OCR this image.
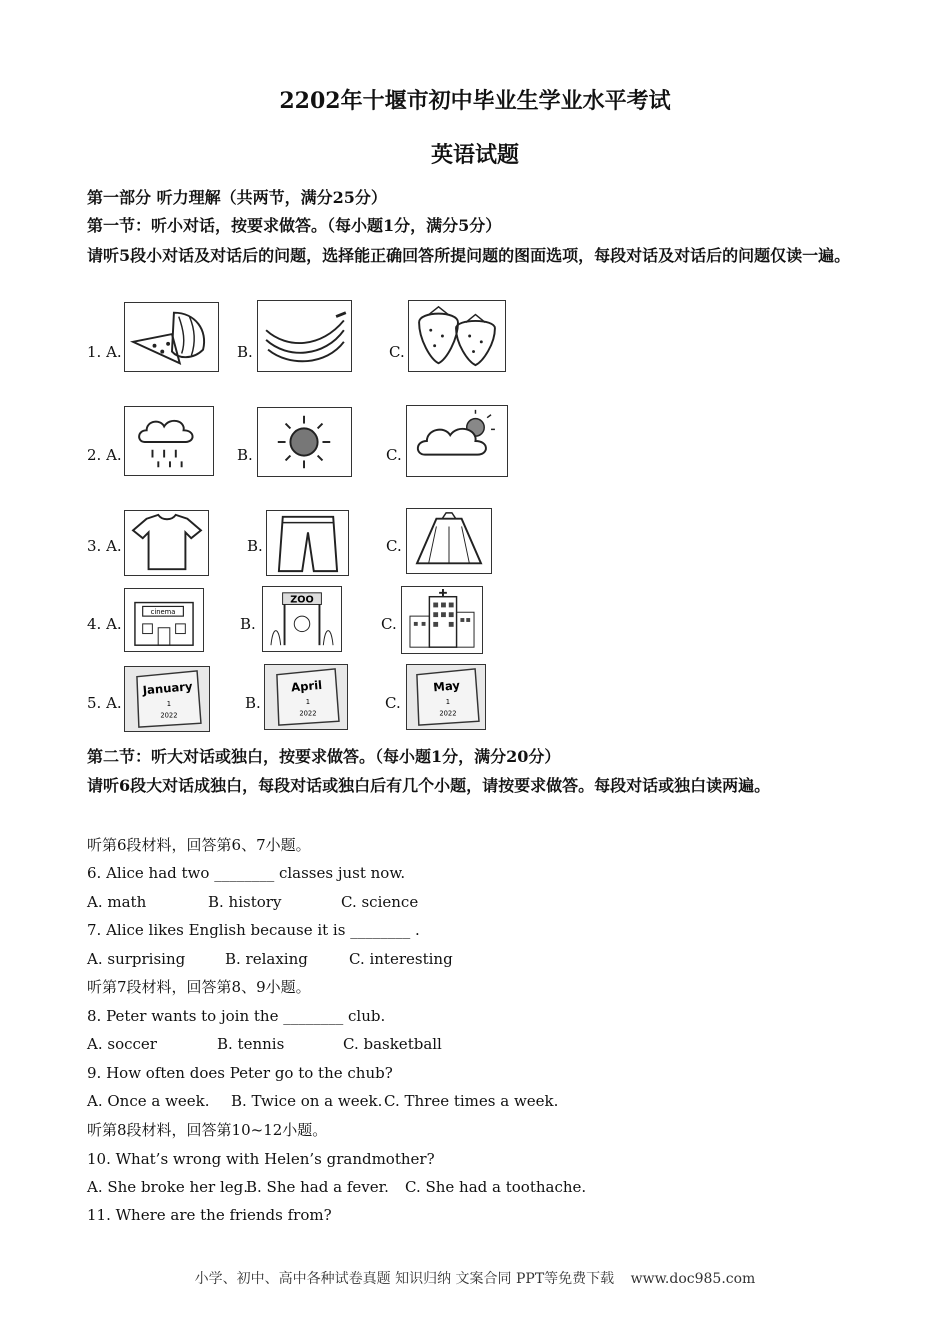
2202年十堰市初中毕业生学业水平考试
英语试题
第一部分 听力理解（共两节，满分25分）
第一节：听小对话，按要求做答。（每小题1分，满分5分）
请听5段小对话及对话后的问题，选择能正确回答所提问题的图面选项，每段对话及对话后的问题仅读一遍。
1. A.	B.	C.
2. A.	B.	C.
3. A.	B.	C.
4. A.
cinema
B.
ZOO
C.
5. A.
January
1
2022
B.
April
1
2022
C.
May
1
2022
第二节：听大对话或独白，按要求做答。（每小题1分，满分20分）
请听6段大对话成独白，每段对话或独白后有几个小题，请按要求做答。每段对话或独白读两遍。
听第6段材料，回答第6、7小题。
6. Alice had two ________ classes just now.
A. math	B. history	C. science
7. Alice likes English because it is ________ .
A. surprising	B. relaxing	C. interesting
听第7段材料，回答第8、9小题。
8. Peter wants to join the ________ club.
A. soccer	B. tennis	C. basketball
9. How often does Peter go to the chub?
A. Once a week. B. Twice on a week. C. Three times a week.
听第8段材料，回答第10~12小题。
10. What’s wrong with Helen’s grandmother?
A. She broke her leg.
B. She had a fever. C. She had a toothache.
11. Where are the friends from?
小学、初中、高中各种试卷真题 知识归纳 文案合同 PPT等免费下载 www.doc985.com
